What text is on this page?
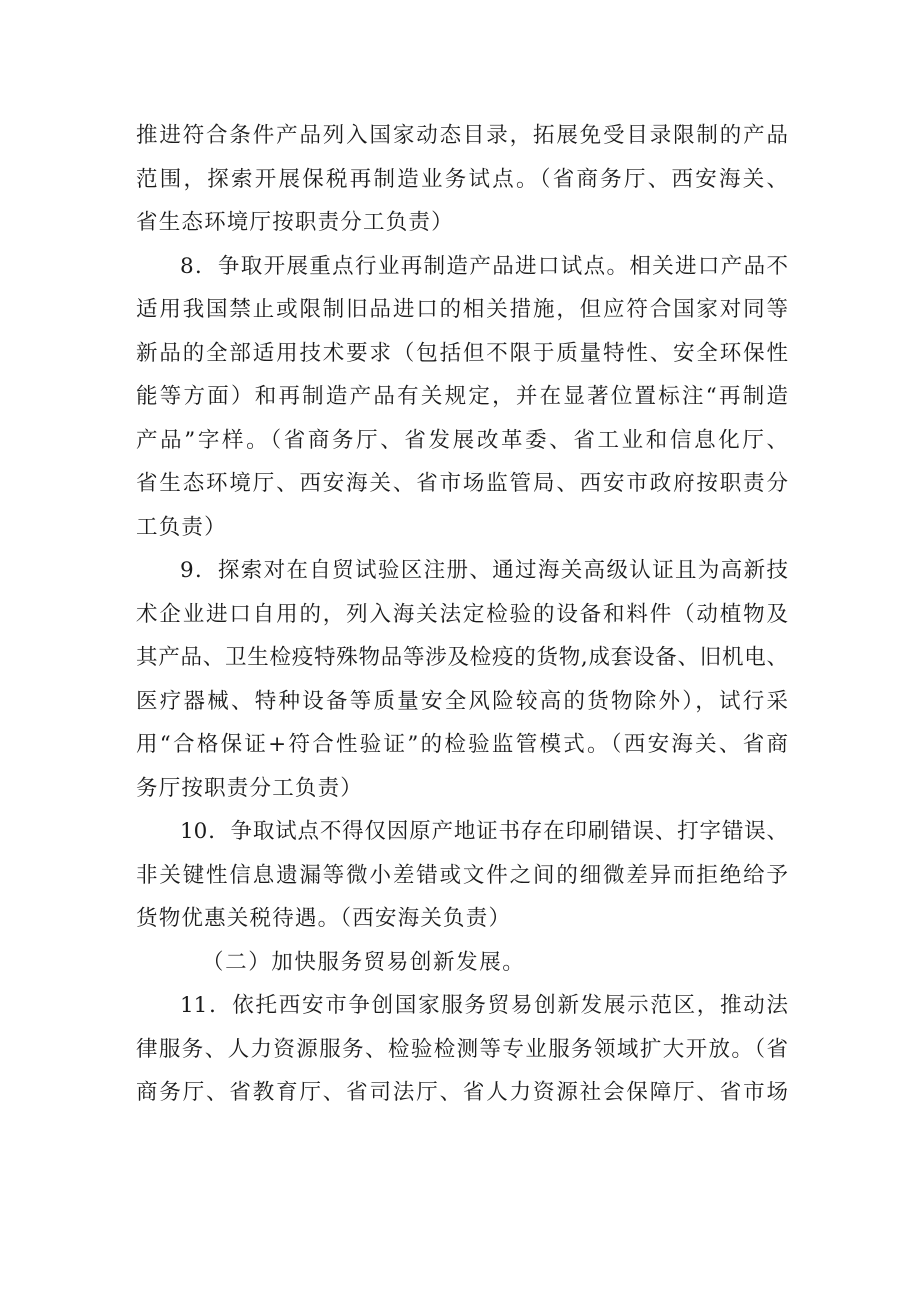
推进符合条件产品列入国家动态目录，拓展免受目录限制的产品
范围，探索开展保税再制造业务试点。（省商务厅、西安海关、
省生态环境厅按职责分工负责）
8．争取开展重点行业再制造产品进口试点。相关进口产品不
适用我国禁止或限制旧品进口的相关措施，但应符合国家对同等
新品的全部适用技术要求（包括但不限于质量特性、安全环保性
能等方面）和再制造产品有关规定，并在显著位置标注“再制造
产品”字样。（省商务厅、省发展改革委、省工业和信息化厅、
省生态环境厅、西安海关、省市场监管局、西安市政府按职责分
工负责）
9．探索对在自贸试验区注册、通过海关高级认证且为高新技
术企业进口自用的，列入海关法定检验的设备和料件（动植物及
其产品、卫生检疫特殊物品等涉及检疫的货物,成套设备、旧机电、
医疗器械、特种设备等质量安全风险较高的货物除外），试行采
用“合格保证+符合性验证”的检验监管模式。（西安海关、省商
务厅按职责分工负责）
10．争取试点不得仅因原产地证书存在印刷错误、打字错误、
非关键性信息遗漏等微小差错或文件之间的细微差异而拒绝给予
货物优惠关税待遇。（西安海关负责）
（二）加快服务贸易创新发展。
11．依托西安市争创国家服务贸易创新发展示范区，推动法
律服务、人力资源服务、检验检测等专业服务领域扩大开放。（省
商务厅、省教育厅、省司法厅、省人力资源社会保障厅、省市场
